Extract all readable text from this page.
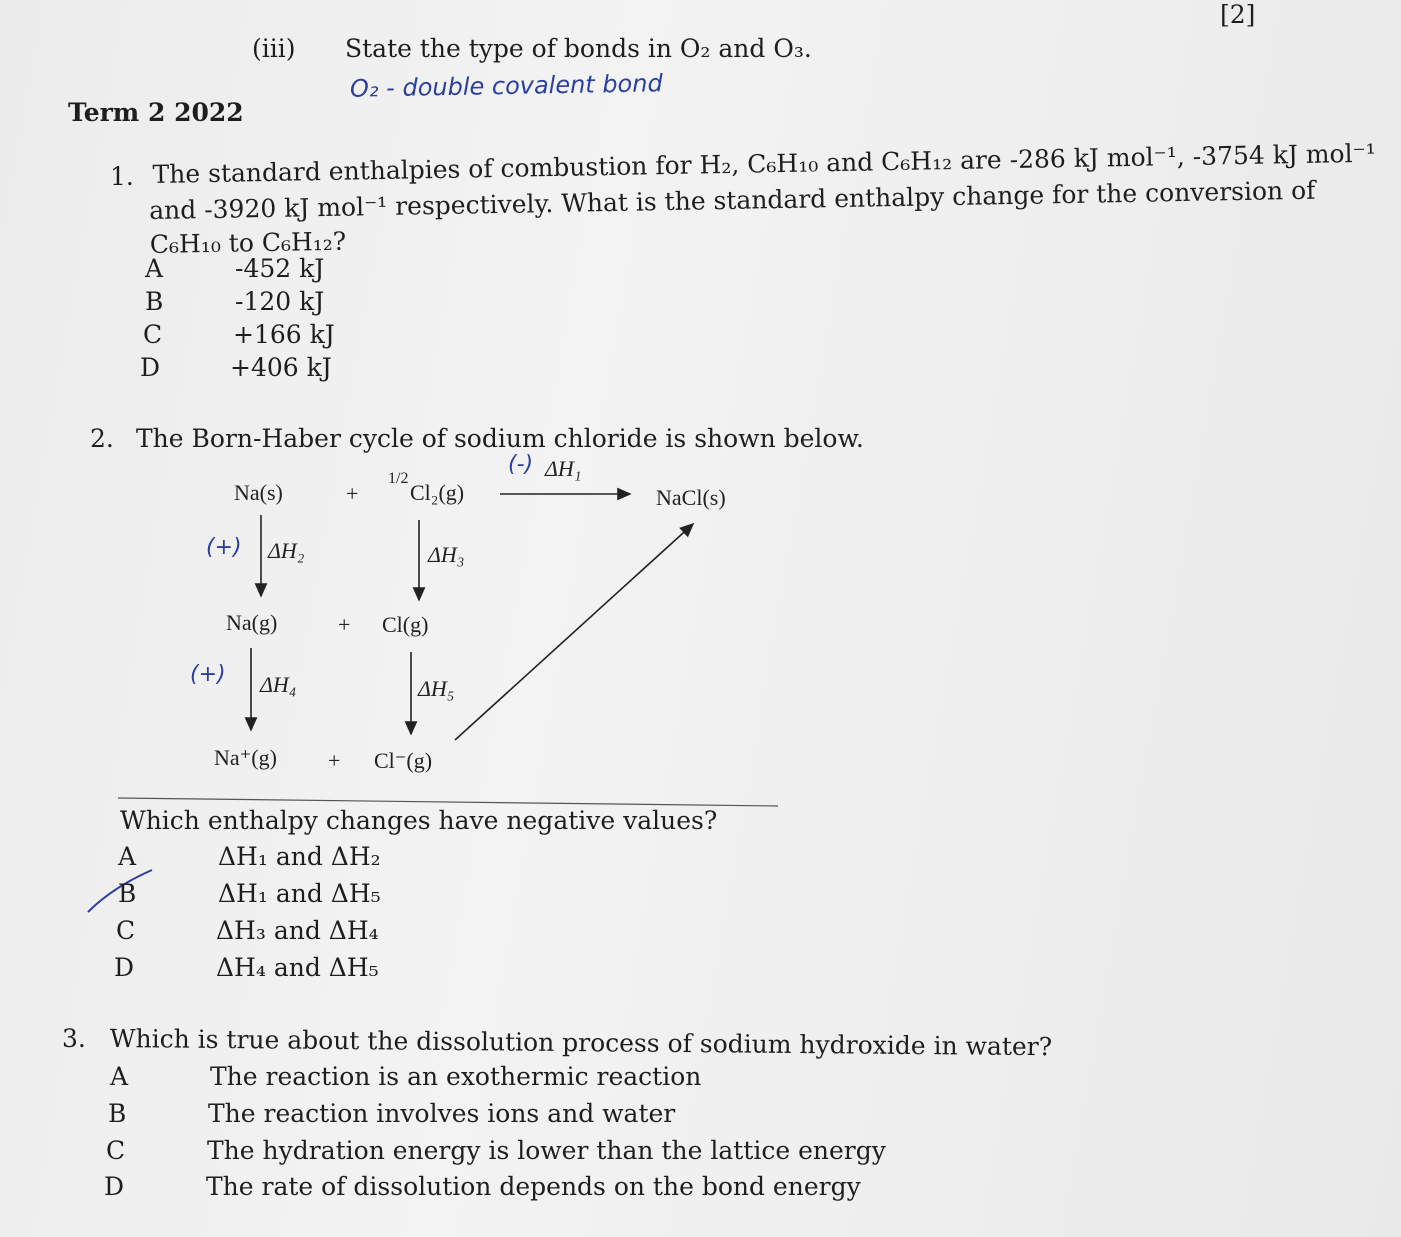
[2]
(iii) State the type of bonds in O₂ and O₃.
O₂ - double covalent bond
Term 2 2022
1. The standard enthalpies of combustion for H₂, C₆H₁₀ and C₆H₁₂ are -286 kJ mol⁻¹, -3754 kJ mol⁻¹
and -3920 kJ mol⁻¹ respectively. What is the standard enthalpy change for the conversion of
C₆H₁₀ to C₆H₁₂?
A	-452 kJ
B	-120 kJ
C	+166 kJ
D	+406 kJ
2. The Born-Haber cycle of sodium chloride is shown below.
Na(s)	+
1/2
Cl₂(g)
(-) ΔH₁
NaCl(s)
(+) ΔH₂	ΔH₃
Na(g)	+ Cl(g)
(+) ΔH₄	ΔH₅
Na⁺(g) + Cl⁻(g)
Which enthalpy changes have negative values?
A	ΔH₁ and ΔH₂
B	ΔH₁ and ΔH₅
C	ΔH₃ and ΔH₄
D	ΔH₄ and ΔH₅
3. Which is true about the dissolution process of sodium hydroxide in water?
A	The reaction is an exothermic reaction
B	The reaction involves ions and water
C	The hydration energy is lower than the lattice energy
D	The rate of dissolution depends on the bond energy
